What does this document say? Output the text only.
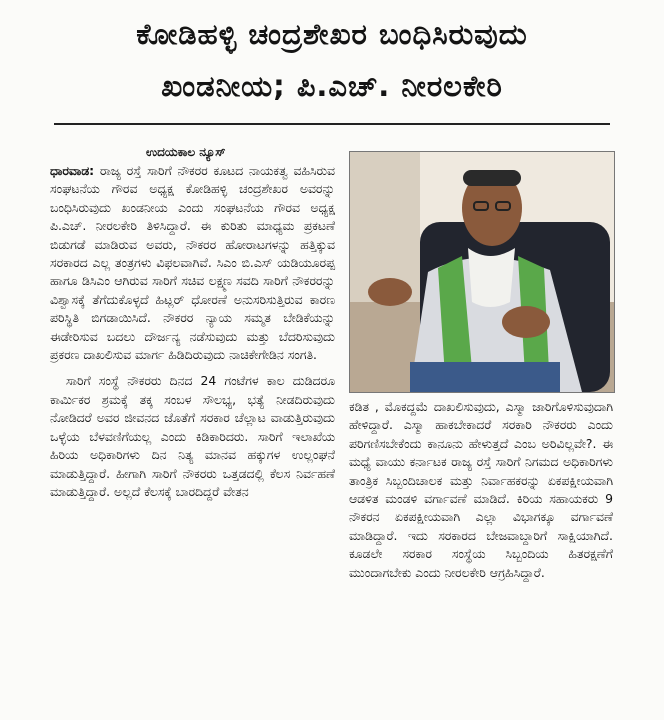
ಕೋಡಿಹಳ್ಳಿ ಚಂದ್ರಶೇಖರ ಬಂಧಿಸಿರುವುದು
ಖಂಡನೀಯ; ಪಿ.ಎಚ್. ನೀರಲಕೇರಿ
ಉದಯಕಾಲ ನ್ಯೂಸ್

ಧಾರವಾಡ: ರಾಜ್ಯ ರಸ್ತೆ ಸಾರಿಗೆ ನೌಕರರ ಕೂಟದ ನಾಯಕತ್ವ ವಹಿಸಿರುವ ಸಂಘಟನೆಯ ಗೌರವ ಅಧ್ಯಕ್ಷ ಕೋಡಿಹಳ್ಳಿ ಚಂದ್ರಶೇಖರ ಅವರನ್ನು ಬಂಧಿಸಿರುವುದು ಖಂಡನೀಯ ಎಂದು ಸಂಘಟನೆಯ ಗೌರವ ಅಧ್ಯಕ್ಷ ಪಿ.ಎಚ್. ನೀರಲಕೇರಿ ತಿಳಿಸಿದ್ದಾರೆ. ಈ ಕುರಿತು ಮಾಧ್ಯಮ ಪ್ರಕಟಣೆ ಬಿಡುಗಡೆ ಮಾಡಿರುವ ಅವರು, ನೌಕರರ ಹೋರಾಟಗಳನ್ನು ಹತ್ತಿಕ್ಕುವ ಸರಕಾರದ ಎಲ್ಲ ತಂತ್ರಗಳು ವಿಫಲವಾಗಿವೆ. ಸಿಎಂ ಬಿ.ಎಸ್ ಯಡಿಯೂರಪ್ಪ ಹಾಗೂ ಡಿಸಿಎಂ ಆಗಿರುವ ಸಾರಿಗೆ ಸಚಿವ ಲಕ್ಷ್ಮಣ ಸವದಿ ಸಾರಿಗೆ ನೌಕರರನ್ನು ವಿಶ್ವಾಸಕ್ಕೆ ತೆಗೆದುಕೊಳ್ಳದೆ ಹಿಟ್ಲರ್ ಧೋರಣೆ ಅನುಸರಿಸುತ್ತಿರುವ ಕಾರಣ ಪರಿಸ್ಥಿತಿ ಬಿಗಡಾಯಿಸಿದೆ. ನೌಕರರ ನ್ಯಾಯ ಸಮ್ಮತ ಬೇಡಿಕೆಯನ್ನು ಈಡೇರಿಸುವ ಬದಲು ದೌರ್ಜನ್ಯ ನಡೆಸುವುದು ಮತ್ತು ಬೆದರಿಸುವುದು ಪ್ರಕರಣ ದಾಖಲಿಸುವ ಮಾರ್ಗ ಹಿಡಿದಿರುವುದು ನಾಚಿಕೇಗೇಡಿನ ಸಂಗತಿ.

ಸಾರಿಗೆ ಸಂಸ್ಥೆ ನೌಕರರು ದಿನದ 24 ಗಂಟೆಗಳ ಕಾಲ ದುಡಿದರೂ ಕಾರ್ಮಿಕರ ಶ್ರಮಕ್ಕೆ ತಕ್ಕ ಸಂಬಳ ಸೌಲಭ್ಯ, ಭತ್ಯೆ ನೀಡದಿರುವುದು ನೋಡಿದರೆ ಅವರ ಜೀವನದ ಜೊತೆಗೆ ಸರಕಾರ ಚೆಲ್ಲಾಟ ವಾಡುತ್ತಿರುವುದು ಒಳ್ಳೆಯ ಬೆಳವಣಿಗೆಯಲ್ಲ ಎಂದು ಕಿಡಿಕಾರಿದರು. ಸಾರಿಗೆ ಇಲಾಖೆಯ ಹಿರಿಯ ಅಧಿಕಾರಿಗಳು ದಿನ ನಿತ್ಯ ಮಾನವ ಹಕ್ಕುಗಳ ಉಲ್ಲಂಘನೆ ಮಾಡುತ್ತಿದ್ದಾರೆ. ಹೀಗಾಗಿ ಸಾರಿಗೆ ನೌಕರರು ಒತ್ತಡದಲ್ಲಿ ಕೆಲಸ ನಿರ್ವಹಣೆ ಮಾಡುತ್ತಿದ್ದಾರೆ. ಅಲ್ಲದೆ ಕೆಲಸಕ್ಕೆ ಬಾರದಿದ್ದರೆ ವೇತನ

ಕಡಿತ , ಮೊಕದ್ದಮೆ ದಾಖಲಿಸುವುದು, ಎಸ್ಮಾ ಜಾರಿಗೊಳಿಸುವುದಾಗಿ ಹೇಳಿದ್ದಾರೆ. ಎಸ್ಮಾ ಹಾಕಬೇಕಾದರೆ ಸರಕಾರಿ ನೌಕರರು ಎಂದು ಪರಿಗಣಿಸಬೇಕೆಂದು ಕಾನೂನು ಹೇಳುತ್ತದೆ ಎಂಬ ಅರಿವಿಲ್ಲವೇ?. ಈ ಮಧ್ಯೆ ವಾಯು ಕರ್ನಾಟಕ ರಾಜ್ಯ ರಸ್ತೆ ಸಾರಿಗೆ ನಿಗಮದ ಅಧಿಕಾರಿಗಳು ತಾಂತ್ರಿಕ ಸಿಬ್ಬಂದಿಚಾಲಕ ಮತ್ತು ನಿರ್ವಾಹಕರನ್ನು ಏಕಪಕ್ಷೀಯವಾಗಿ ಆಡಳಿತ ಮಂಡಳಿ ವರ್ಗಾವಣೆ ಮಾಡಿದೆ. ಕಿರಿಯ ಸಹಾಯಕರು 9 ನೌಕರನ ಏಕಪಕ್ಷೀಯವಾಗಿ ಎಲ್ಲಾ ವಿಭಾಗಕ್ಕೂ ವರ್ಗಾವಣೆ ಮಾಡಿದ್ದಾರೆ. ಇದು ಸರಕಾರದ ಬೇಜವಾಬ್ದಾರಿಗೆ ಸಾಕ್ಷಿಯಾಗಿದೆ. ಕೂಡಲೇ ಸರಕಾರ ಸಂಸ್ಥೆಯ ಸಿಬ್ಬಂದಿಯ ಹಿತರಕ್ಷಣೆಗೆ ಮುಂದಾಗಬೇಕು ಎಂದು ನೀರಲಕೇರಿ ಆಗ್ರಹಿಸಿದ್ದಾರೆ.
